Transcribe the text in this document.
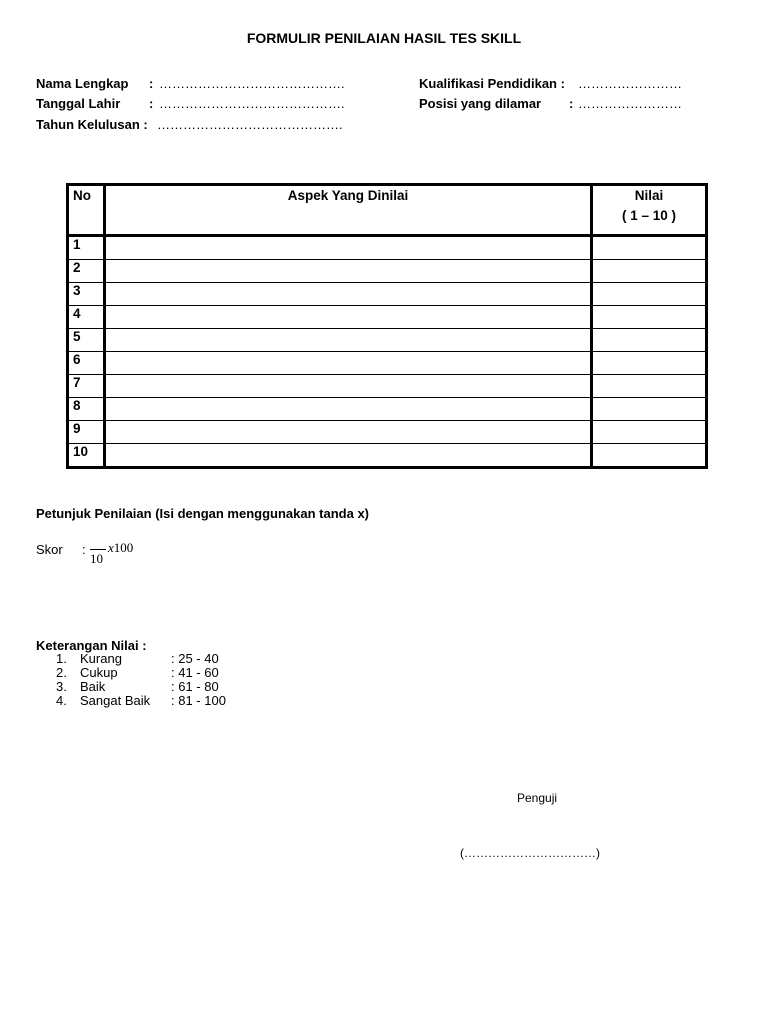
FORMULIR PENILAIAN HASIL TES SKILL
Nama Lengkap : …………………………………….
Tanggal Lahir : …………………………………….
Tahun Kelulusan : …………………………………….
Kualifikasi Pendidikan : ……………………
Posisi yang dilamar : ……………………
No	Aspek Yang Dinilai	Nilai
( 1 – 10 )

1		
2		
3		
4		
5		
6		
7		
8		
9		
10		
Petunjuk Penilaian (Isi dengan menggunakan tanda x)
Skor :
10
x100
Keterangan Nilai :
1.	Kurang	: 25 - 40
2.	Cukup	: 41 - 60
3.	Baik	: 61 - 80
4.	Sangat Baik	: 81 - 100
Penguji
(……………………………)
